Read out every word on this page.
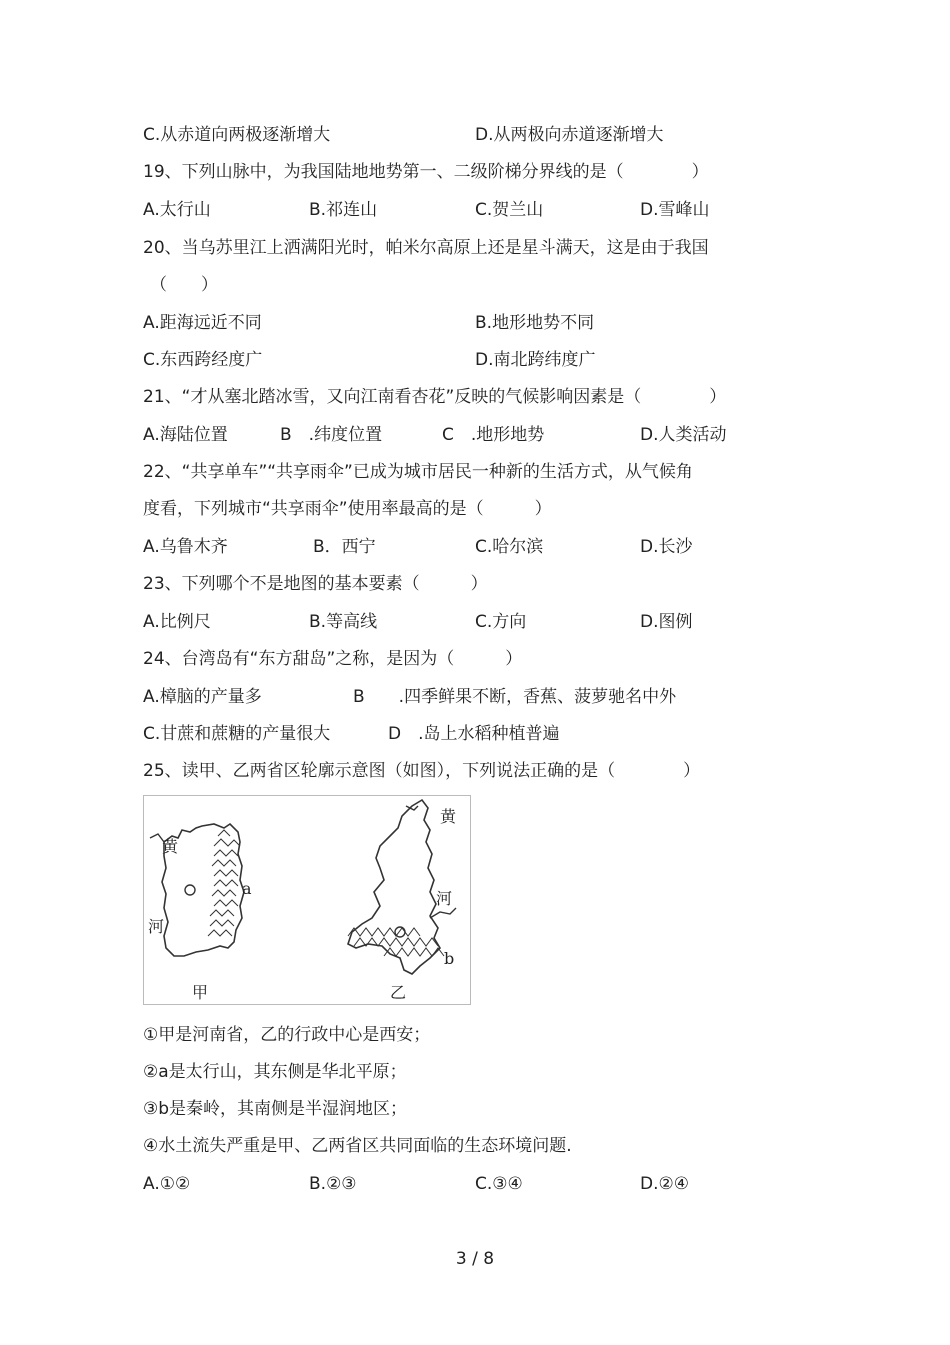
C.从赤道向两极逐渐增大	D.从两极向赤道逐渐增大
19、下列山脉中，为我国陆地地势第一、二级阶梯分界线的是（　　　　）
A.太行山	B.祁连山	C.贺兰山	D.雪峰山
20、当乌苏里江上洒满阳光时，帕米尔高原上还是星斗满天，这是由于我国
（　　）
A.距海远近不同	B.地形地势不同
C.东西跨经度广	D.南北跨纬度广
21、“才从塞北踏冰雪，又向江南看杏花”反映的气候影响因素是（　　　　）
A.海陆位置	B　.纬度位置	C　.地形地势	D.人类活动
22、“共享单车”“共享雨伞”已成为城市居民一种新的生活方式，从气候角
度看，下列城市“共享雨伞”使用率最高的是（　　　）
A.乌鲁木齐	B．西宁	C.哈尔滨	D.长沙
23、下列哪个不是地图的基本要素（　　　）
A.比例尺	B.等高线	C.方向	D.图例
24、台湾岛有“东方甜岛”之称，是因为（　　　）
A.樟脑的产量多	B　　.四季鲜果不断，香蕉、菠萝驰名中外
C.甘蔗和蔗糖的产量很大	D　.岛上水稻种植普遍
25、读甲、乙两省区轮廓示意图（如图），下列说法正确的是（　　　　）
黄
河
a
甲
黄
河
b
乙
①甲是河南省，乙的行政中心是西安；
②a是太行山，其东侧是华北平原；
③b是秦岭，其南侧是半湿润地区；
④水土流失严重是甲、乙两省区共同面临的生态环境问题.
A.①②	B.②③	C.③④	D.②④
3 / 8
